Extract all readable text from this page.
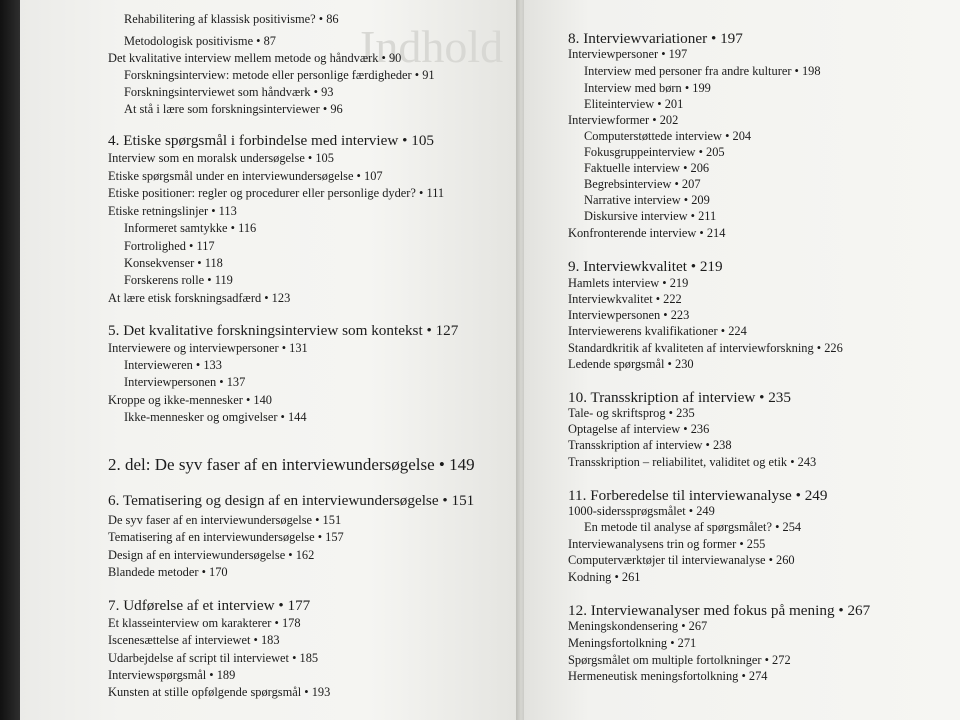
Indhold
Rehabilitering af klassisk positivisme? • 86
Metodologisk positivisme • 87
Det kvalitative interview mellem metode og håndværk • 90
Forskningsinterview: metode eller personlige færdigheder • 91
Forskningsinterviewet som håndværk • 93
At stå i lære som forskningsinterviewer • 96
4. Etiske spørgsmål i forbindelse med interview • 105
Interview som en moralsk undersøgelse • 105
Etiske spørgsmål under en interviewundersøgelse • 107
Etiske positioner: regler og procedurer eller personlige dyder? • 111
Etiske retningslinjer • 113
Informeret samtykke • 116
Fortrolighed • 117
Konsekvenser • 118
Forskerens rolle • 119
At lære etisk forskningsadfærd • 123
5. Det kvalitative forskningsinterview som kontekst • 127
Interviewere og interviewpersoner • 131
Intervieweren • 133
Interviewpersonen • 137
Kroppe og ikke-mennesker • 140
Ikke-mennesker og omgivelser • 144
2. del: De syv faser af en interviewundersøgelse • 149
6. Tematisering og design af en interviewundersøgelse • 151
De syv faser af en interviewundersøgelse • 151
Tematisering af en interviewundersøgelse • 157
Design af en interviewundersøgelse • 162
Blandede metoder • 170
7. Udførelse af et interview • 177
Et klasseinterview om karakterer • 178
Iscenesættelse af interviewet • 183
Udarbejdelse af script til interviewet • 185
Interviewspørgsmål • 189
Kunsten at stille opfølgende spørgsmål • 193
8. Interviewvariationer • 197
Interviewpersoner • 197
Interview med personer fra andre kulturer • 198
Interview med børn • 199
Eliteinterview • 201
Interviewformer • 202
Computerstøttede interview • 204
Fokusgruppeinterview • 205
Faktuelle interview • 206
Begrebsinterview • 207
Narrative interview • 209
Diskursive interview • 211
Konfronterende interview • 214
9. Interviewkvalitet • 219
Hamlets interview • 219
Interviewkvalitet • 222
Interviewpersonen • 223
Interviewerens kvalifikationer • 224
Standardkritik af kvaliteten af interviewforskning • 226
Ledende spørgsmål • 230
10. Transskription af interview • 235
Tale- og skriftsprog • 235
Optagelse af interview • 236
Transskription af interview • 238
Transskription – reliabilitet, validitet og etik • 243
11. Forberedelse til interviewanalyse • 249
1000-siderssprøgsmålet • 249
En metode til analyse af spørgsmålet? • 254
Interviewanalysens trin og former • 255
Computerværktøjer til interviewanalyse • 260
Kodning • 261
12. Interviewanalyser med fokus på mening • 267
Meningskondensering • 267
Meningsfortolkning • 271
Spørgsmålet om multiple fortolkninger • 272
Hermeneutisk meningsfortolkning • 274
